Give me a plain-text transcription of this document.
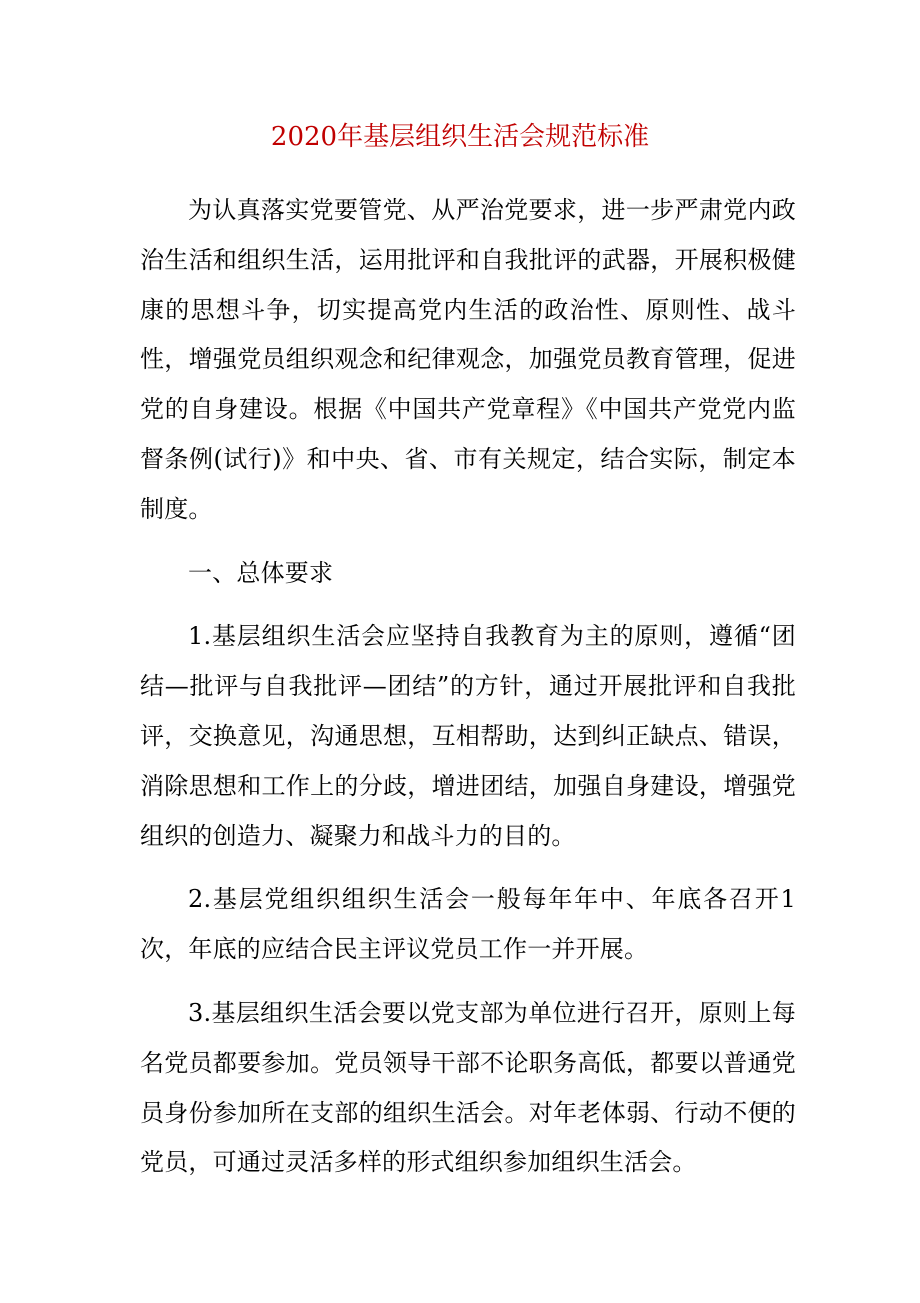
2020年基层组织生活会规范标准

为认真落实党要管党、从严治党要求，进一步严肃党内政治生活和组织生活，运用批评和自我批评的武器，开展积极健康的思想斗争，切实提高党内生活的政治性、原则性、战斗性，增强党员组织观念和纪律观念，加强党员教育管理，促进党的自身建设。根据《中国共产党章程》《中国共产党党内监督条例(试行)》和中央、省、市有关规定，结合实际，制定本制度。

一、总体要求

1.基层组织生活会应坚持自我教育为主的原则，遵循“团结—批评与自我批评—团结”的方针，通过开展批评和自我批评，交换意见，沟通思想，互相帮助，达到纠正缺点、错误，消除思想和工作上的分歧，增进团结，加强自身建设，增强党组织的创造力、凝聚力和战斗力的目的。

2.基层党组织组织生活会一般每年年中、年底各召开1次，年底的应结合民主评议党员工作一并开展。

3.基层组织生活会要以党支部为单位进行召开，原则上每名党员都要参加。党员领导干部不论职务高低，都要以普通党员身份参加所在支部的组织生活会。对年老体弱、行动不便的党员，可通过灵活多样的形式组织参加组织生活会。
